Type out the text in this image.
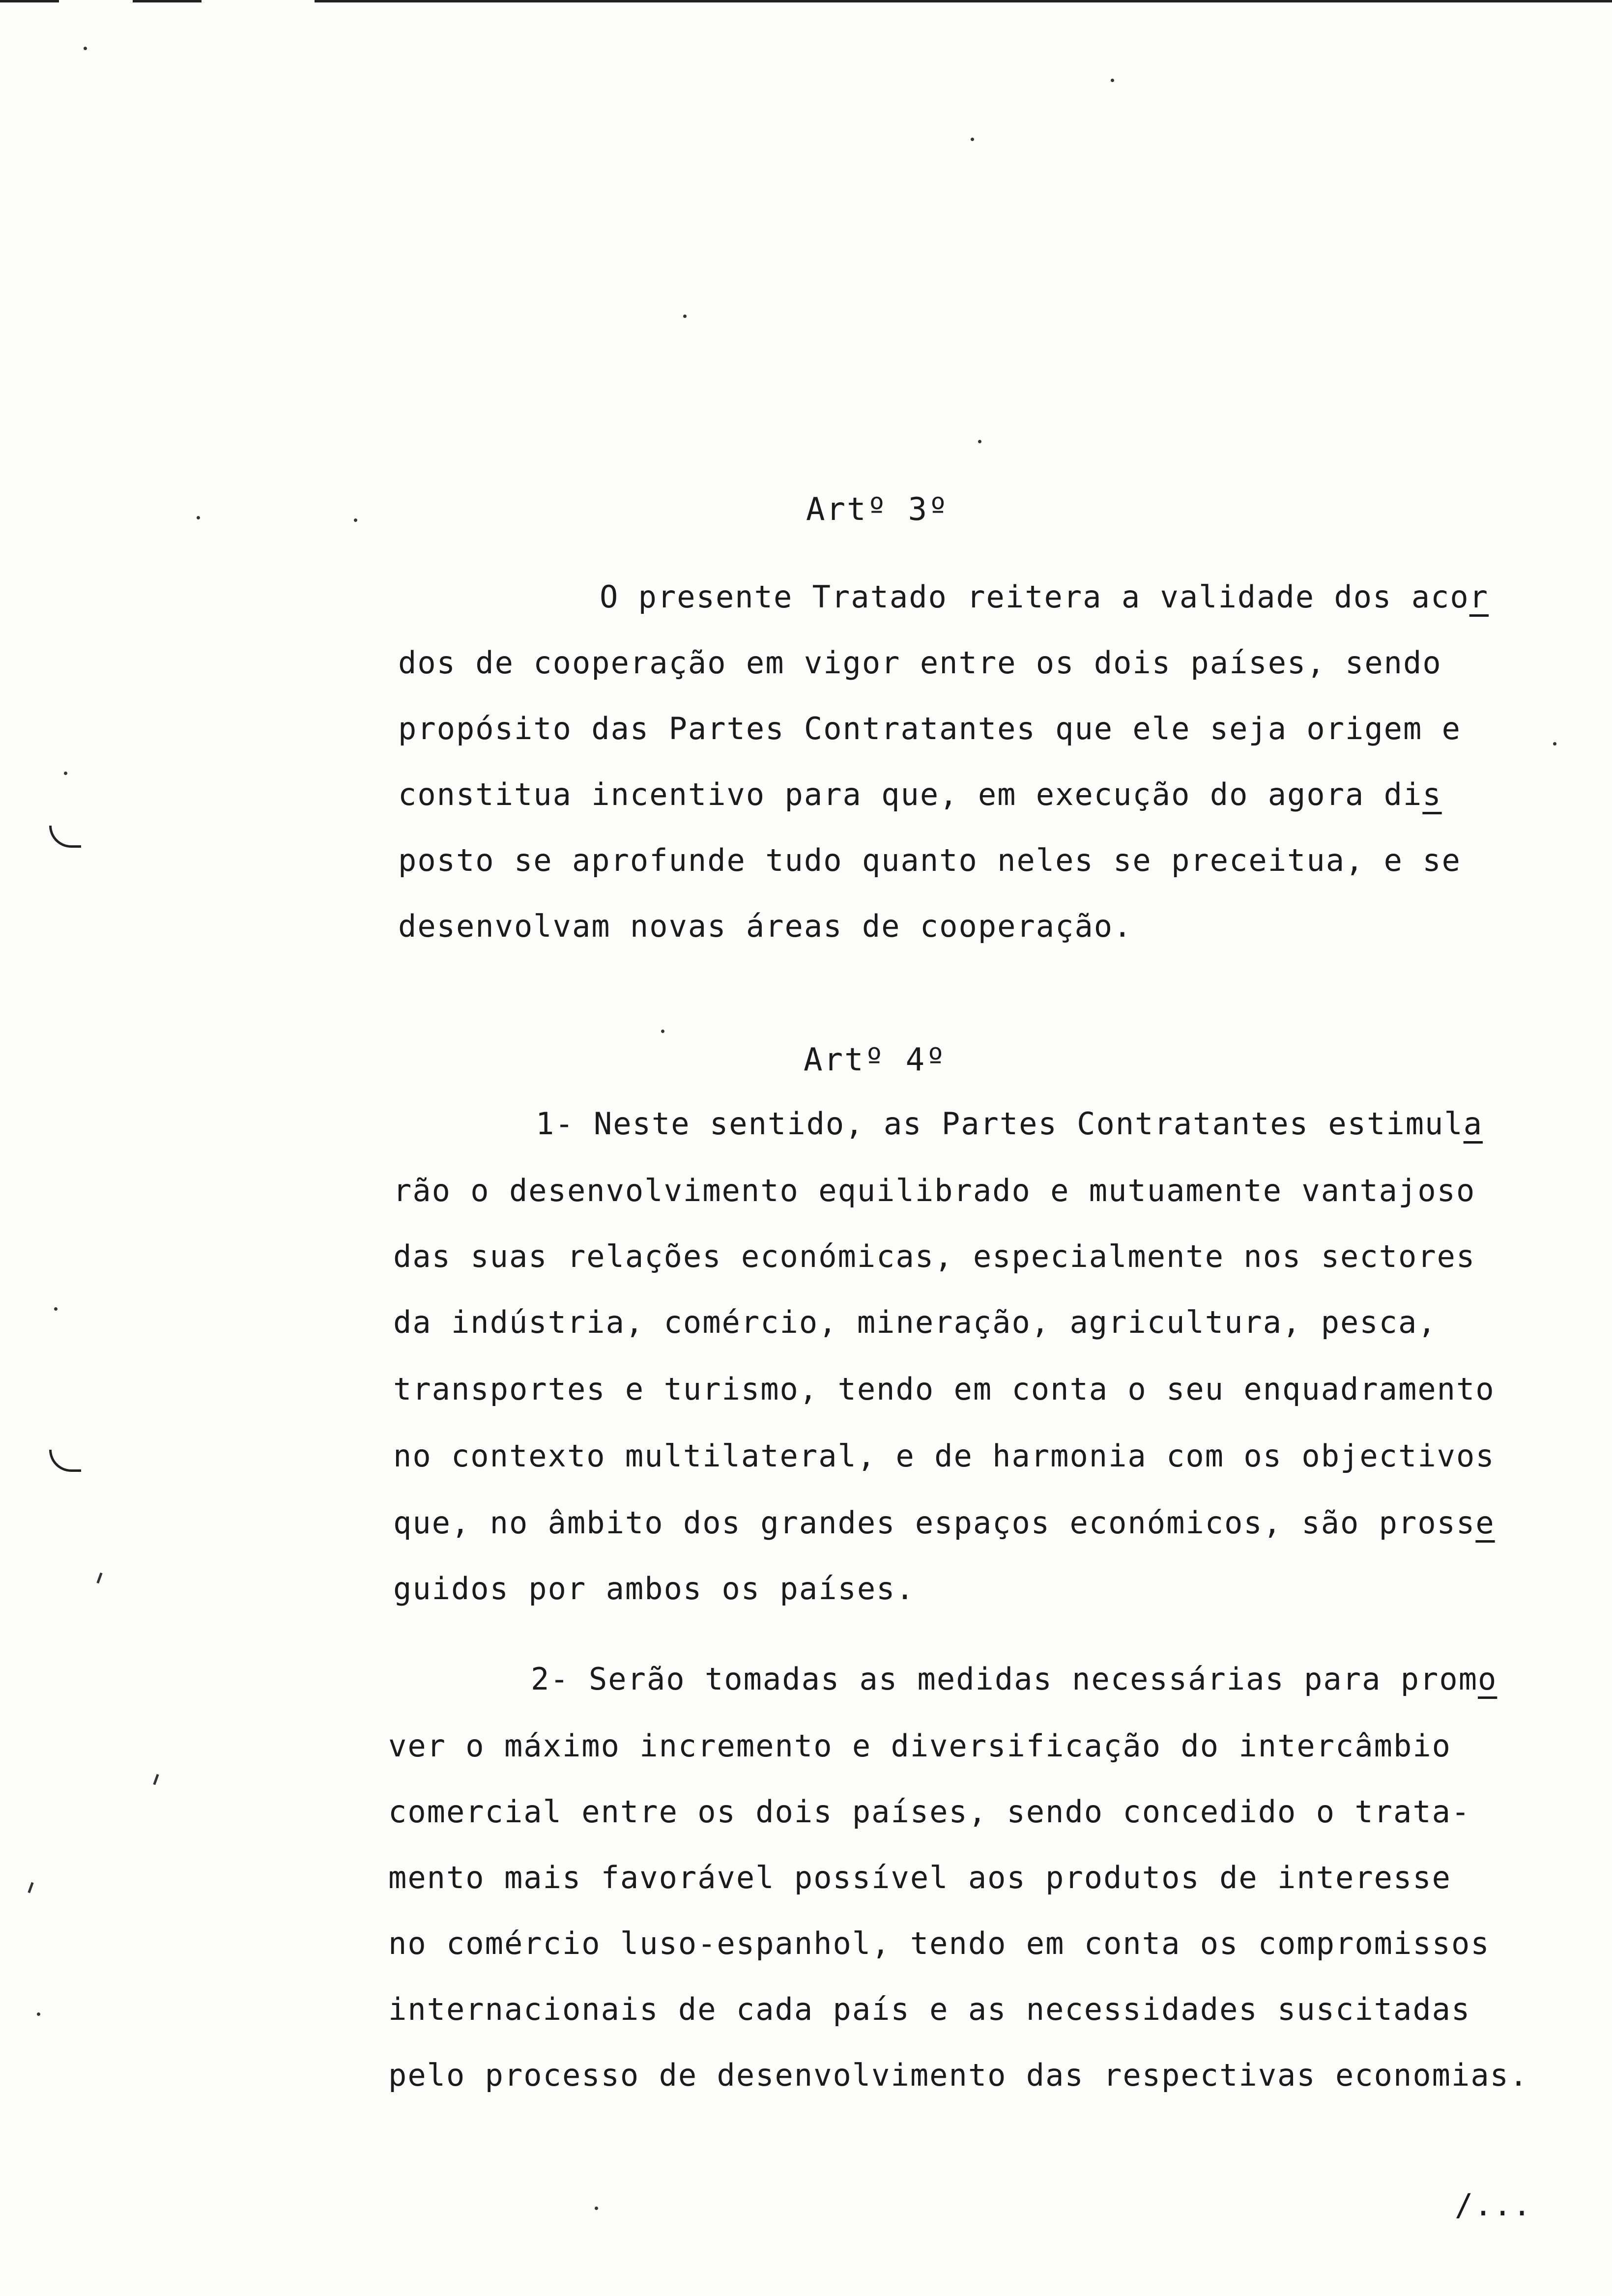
Artº 3º
O presente Tratado reitera a validade dos acor
dos de cooperação em vigor entre os dois países, sendo
propósito das Partes Contratantes que ele seja origem e
constitua incentivo para que, em execução do agora dis
posto se aprofunde tudo quanto neles se preceitua, e se
desenvolvam novas áreas de cooperação.
Artº 4º
1- Neste sentido, as Partes Contratantes estimula
rão o desenvolvimento equilibrado e mutuamente vantajoso
das suas relações económicas, especialmente nos sectores
da indústria, comércio, mineração, agricultura, pesca,
transportes e turismo, tendo em conta o seu enquadramento
no contexto multilateral, e de harmonia com os objectivos
que, no âmbito dos grandes espaços económicos, são prosse
guidos por ambos os países.
2- Serão tomadas as medidas necessárias para promo
ver o máximo incremento e diversificação do intercâmbio
comercial entre os dois países, sendo concedido o trata-
mento mais favorável possível aos produtos de interesse
no comércio luso-espanhol, tendo em conta os compromissos
internacionais de cada país e as necessidades suscitadas
pelo processo de desenvolvimento das respectivas economias.
/...
